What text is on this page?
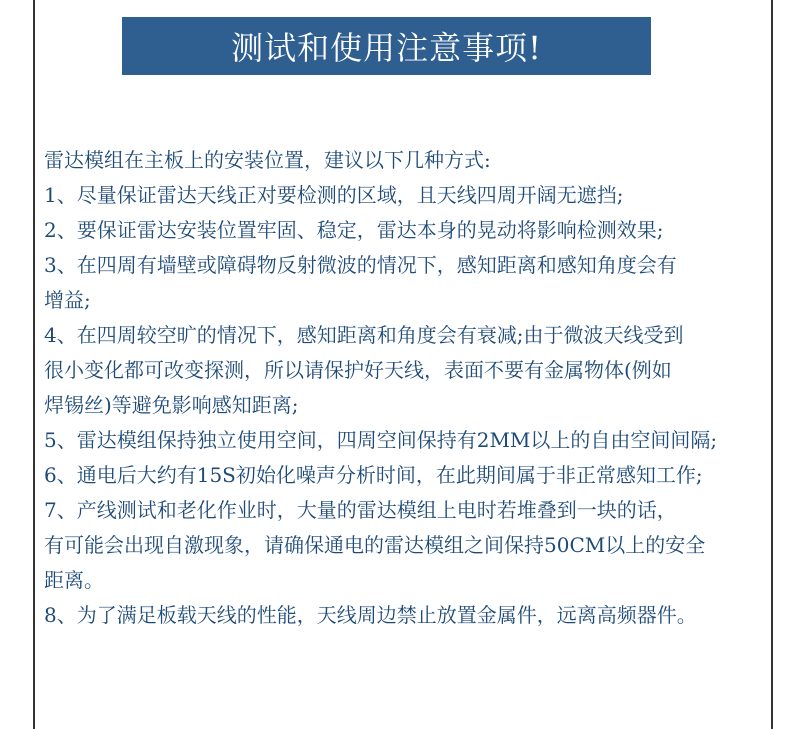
测试和使用注意事项!
雷达模组在主板上的安装位置，建议以下几种方式:
1、尽量保证雷达天线正对要检测的区域，且天线四周开阔无遮挡;
2、要保证雷达安装位置牢固、稳定，雷达本身的晃动将影响检测效果;
3、在四周有墙壁或障碍物反射微波的情况下，感知距离和感知角度会有
增益;
4、在四周较空旷的情况下，感知距离和角度会有衰减;由于微波天线受到
很小变化都可改变探测，所以请保护好天线，表面不要有金属物体(例如
焊锡丝)等避免影响感知距离;
5、雷达模组保持独立使用空间，四周空间保持有2MM以上的自由空间间隔;
6、通电后大约有15S初始化噪声分析时间，在此期间属于非正常感知工作;
7、产线测试和老化作业时，大量的雷达模组上电时若堆叠到一块的话，
有可能会出现自激现象，请确保通电的雷达模组之间保持50CM以上的安全
距离。
8、为了满足板载天线的性能，天线周边禁止放置金属件，远离高频器件。
